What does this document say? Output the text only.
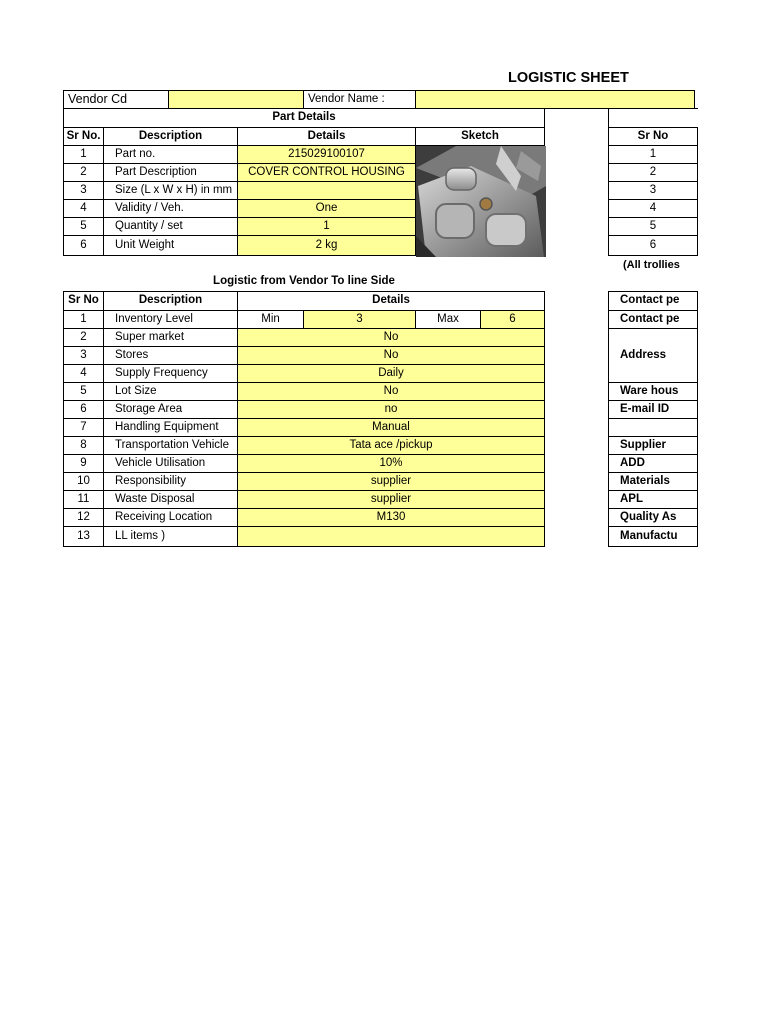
LOGISTIC SHEET
Vendor Cd	Vendor Name :
Part Details
Sr No.	Description	Details	Sketch
1	Part no.	215029100107
2	Part Description	COVER CONTROL HOUSING
3	Size (L x W x H) in mm
4	Validity / Veh.	One
5	Quantity / set	1
6	Unit Weight	2 kg
Sr No
1
2
3
4
5
6
(All trollies
Logistic from Vendor To line Side
Sr No	Description	Details
1	Inventory Level	Min	3	Max	6
2	Super market	No
3	Stores	No
4	Supply Frequency	Daily
5	Lot Size	No
6	Storage Area	no
7	Handling Equipment	Manual
8	Transportation Vehicle	Tata ace /pickup
9	Vehicle Utilisation	10%
10	Responsibility	supplier
11	Waste Disposal	supplier
12	Receiving Location	M130
13	LL items )
Contact pe
Contact pe
Address
Ware hous
E-mail ID
Supplier
ADD
Materials
APL
Quality As
Manufactu
